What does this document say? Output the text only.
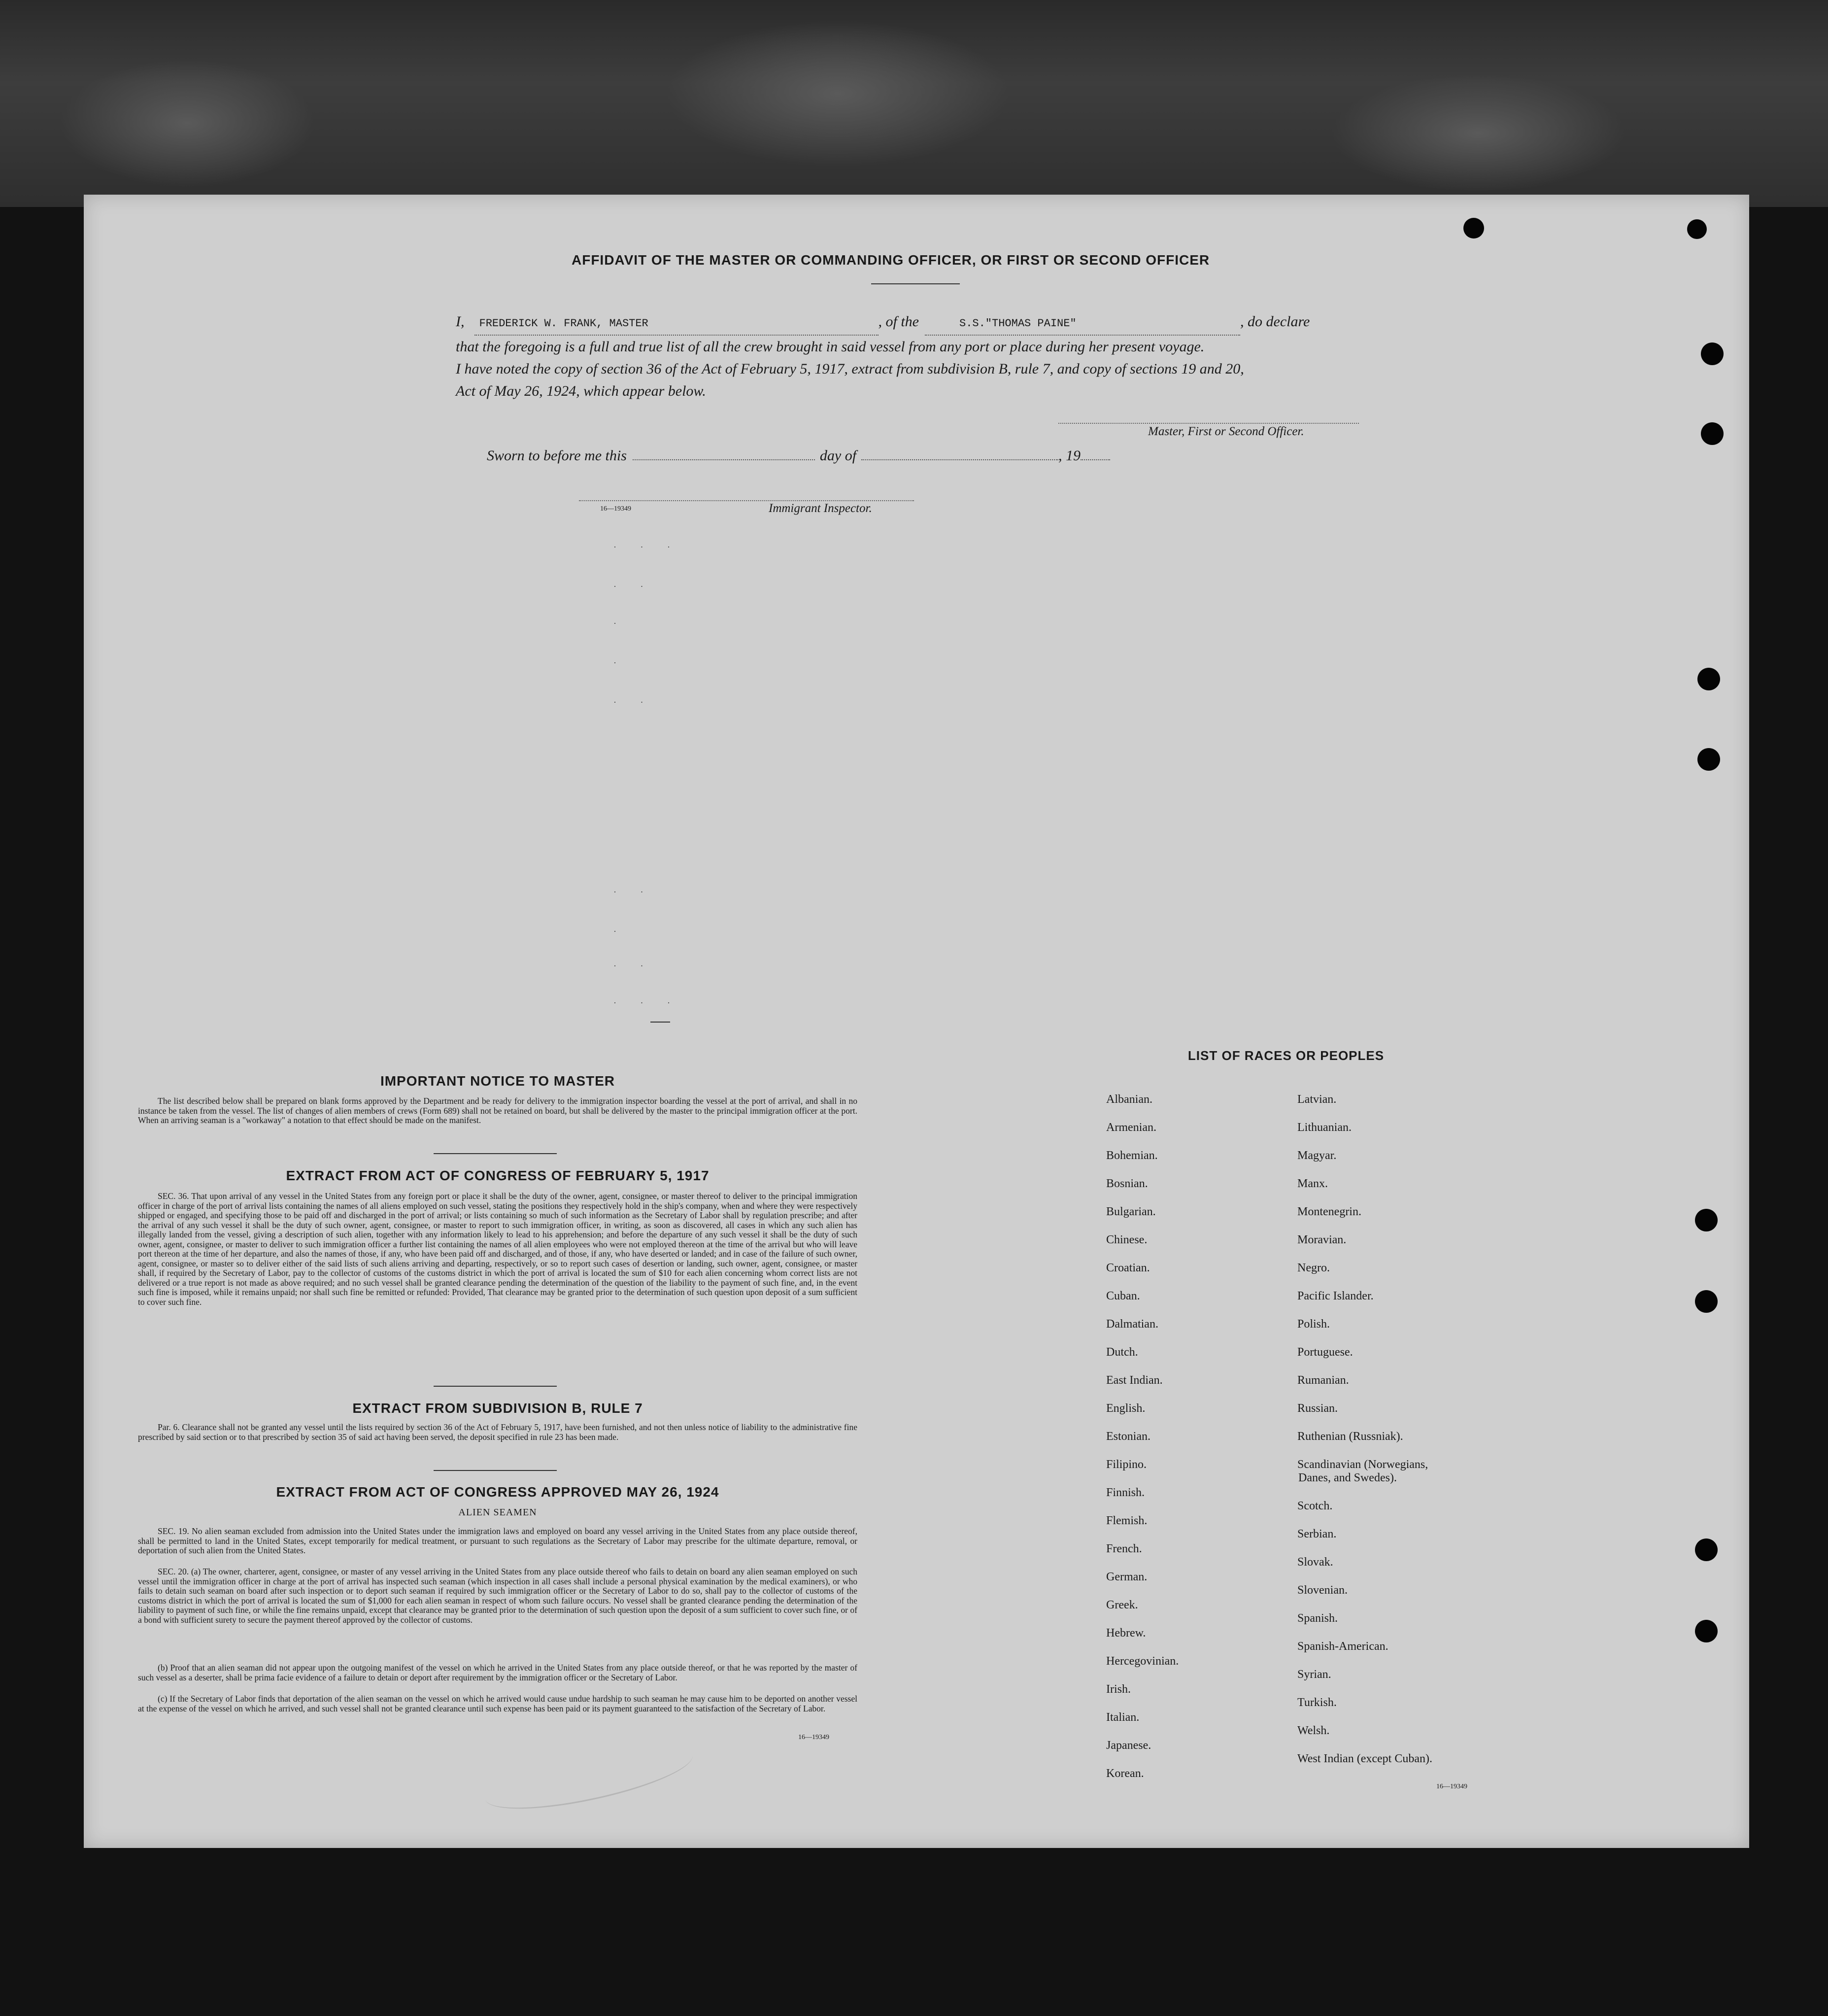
AFFIDAVIT OF THE MASTER OR COMMANDING OFFICER, OR FIRST OR SECOND OFFICER
I,	FREDERICK W. FRANK, MASTER	, of the	S.S."THOMAS PAINE"	, do declare
that the foregoing is a full and true list of all the crew brought in said vessel from any port or place during her present voyage.
I have noted the copy of section 36 of the Act of February 5, 1917, extract from subdivision B, rule 7, and copy of sections 19 and 20,
Act of May 26, 1924, which appear below.
Master, First or Second Officer.
Sworn to before me this	day of	, 19
16—19349	Immigrant Inspector.
· · ·
· ·
·
·
· ·
· ·
·
· ·
· · ·
IMPORTANT NOTICE TO MASTER
The list described below shall be prepared on blank forms approved by the Department and be ready for delivery to the immigration inspector boarding the vessel at the port of arrival, and shall in no instance be taken from the vessel. The list of changes of alien members of crews (Form 689) shall not be retained on board, but shall be delivered by the master to the principal immigration officer at the port. When an arriving seaman is a "workaway" a notation to that effect should be made on the manifest.
EXTRACT FROM ACT OF CONGRESS OF FEBRUARY 5, 1917
SEC. 36. That upon arrival of any vessel in the United States from any foreign port or place it shall be the duty of the owner, agent, consignee, or master thereof to deliver to the principal immigration officer in charge of the port of arrival lists containing the names of all aliens employed on such vessel, stating the positions they respectively hold in the ship's company, when and where they were respectively shipped or engaged, and specifying those to be paid off and discharged in the port of arrival; or lists containing so much of such information as the Secretary of Labor shall by regulation prescribe; and after the arrival of any such vessel it shall be the duty of such owner, agent, consignee, or master to report to such immigration officer, in writing, as soon as discovered, all cases in which any such alien has illegally landed from the vessel, giving a description of such alien, together with any information likely to lead to his apprehension; and before the departure of any such vessel it shall be the duty of such owner, agent, consignee, or master to deliver to such immigration officer a further list containing the names of all alien employees who were not employed thereon at the time of the arrival but who will leave port thereon at the time of her departure, and also the names of those, if any, who have been paid off and discharged, and of those, if any, who have deserted or landed; and in case of the failure of such owner, agent, consignee, or master so to deliver either of the said lists of such aliens arriving and departing, respectively, or so to report such cases of desertion or landing, such owner, agent, consignee, or master shall, if required by the Secretary of Labor, pay to the collector of customs of the customs district in which the port of arrival is located the sum of $10 for each alien concerning whom correct lists are not delivered or a true report is not made as above required; and no such vessel shall be granted clearance pending the determination of the question of the liability to the payment of such fine, and, in the event such fine is imposed, while it remains unpaid; nor shall such fine be remitted or refunded: Provided, That clearance may be granted prior to the determination of such question upon deposit of a sum sufficient to cover such fine.
EXTRACT FROM SUBDIVISION B, RULE 7
Par. 6. Clearance shall not be granted any vessel until the lists required by section 36 of the Act of February 5, 1917, have been furnished, and not then unless notice of liability to the administrative fine prescribed by said section or to that prescribed by section 35 of said act having been served, the deposit specified in rule 23 has been made.
EXTRACT FROM ACT OF CONGRESS APPROVED MAY 26, 1924
ALIEN SEAMEN
SEC. 19. No alien seaman excluded from admission into the United States under the immigration laws and employed on board any vessel arriving in the United States from any place outside thereof, shall be permitted to land in the United States, except temporarily for medical treatment, or pursuant to such regulations as the Secretary of Labor may prescribe for the ultimate departure, removal, or deportation of such alien from the United States.
SEC. 20. (a) The owner, charterer, agent, consignee, or master of any vessel arriving in the United States from any place outside thereof who fails to detain on board any alien seaman employed on such vessel until the immigration officer in charge at the port of arrival has inspected such seaman (which inspection in all cases shall include a personal physical examination by the medical examiners), or who fails to detain such seaman on board after such inspection or to deport such seaman if required by such immigration officer or the Secretary of Labor to do so, shall pay to the collector of customs of the customs district in which the port of arrival is located the sum of $1,000 for each alien seaman in respect of whom such failure occurs. No vessel shall be granted clearance pending the determination of the liability to payment of such fine, or while the fine remains unpaid, except that clearance may be granted prior to the determination of such question upon the deposit of a sum sufficient to cover such fine, or of a bond with sufficient surety to secure the payment thereof approved by the collector of customs.
(b) Proof that an alien seaman did not appear upon the outgoing manifest of the vessel on which he arrived in the United States from any place outside thereof, or that he was reported by the master of such vessel as a deserter, shall be prima facie evidence of a failure to detain or deport after requirement by the immigration officer or the Secretary of Labor.
(c) If the Secretary of Labor finds that deportation of the alien seaman on the vessel on which he arrived would cause undue hardship to such seaman he may cause him to be deported on another vessel at the expense of the vessel on which he arrived, and such vessel shall not be granted clearance until such expense has been paid or its payment guaranteed to the satisfaction of the Secretary of Labor.
16—19349
LIST OF RACES OR PEOPLES
Albanian.
Armenian.
Bohemian.
Bosnian.
Bulgarian.
Chinese.
Croatian.
Cuban.
Dalmatian.
Dutch.
East Indian.
English.
Estonian.
Filipino.
Finnish.
Flemish.
French.
German.
Greek.
Hebrew.
Hercegovinian.
Irish.
Italian.
Japanese.
Korean.
Latvian.
Lithuanian.
Magyar.
Manx.
Montenegrin.
Moravian.
Negro.
Pacific Islander.
Polish.
Portuguese.
Rumanian.
Russian.
Ruthenian (Russniak).
Scandinavian (Norwegians,
Danes, and Swedes).
Scotch.
Serbian.
Slovak.
Slovenian.
Spanish.
Spanish-American.
Syrian.
Turkish.
Welsh.
West Indian (except Cuban).
16—19349
